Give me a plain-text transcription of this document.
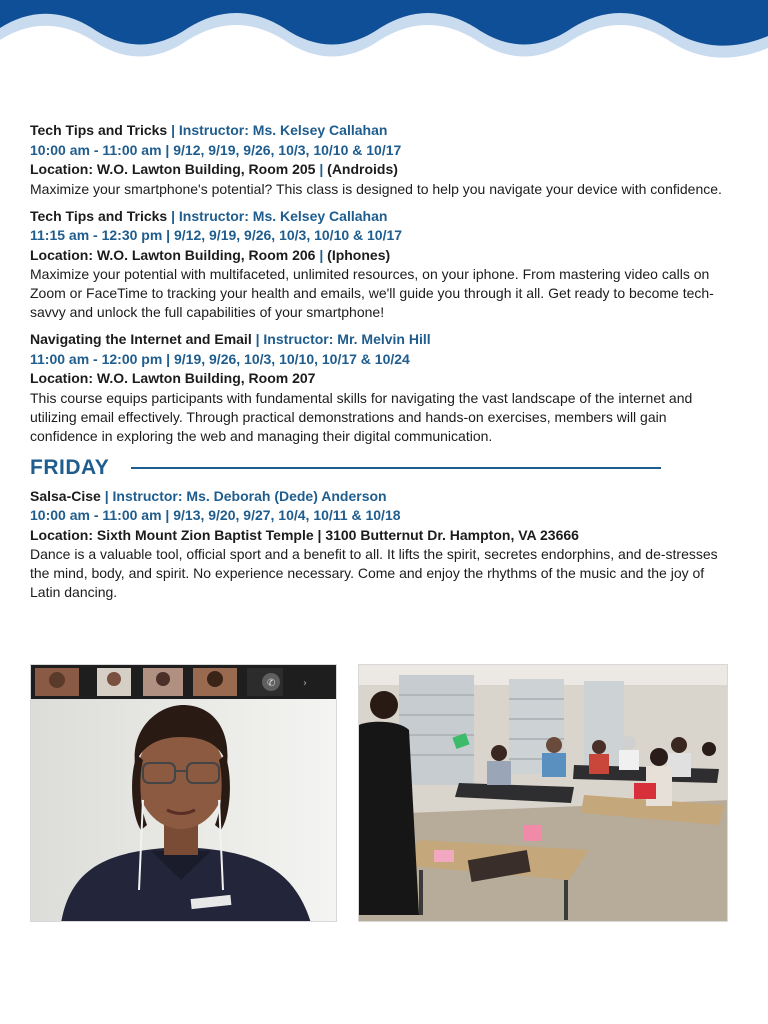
Tech Tips and Tricks | Instructor: Ms. Kelsey Callahan

10:00 am - 11:00 am | 9/12, 9/19, 9/26, 10/3, 10/10 & 10/17

Location: W.O. Lawton Building, Room 205 | (Androids)

Maximize your smartphone's potential? This class is designed to help you navigate your device with confidence.

Tech Tips and Tricks | Instructor: Ms. Kelsey Callahan

11:15 am - 12:30 pm | 9/12, 9/19, 9/26, 10/3, 10/10 & 10/17

Location: W.O. Lawton Building, Room 206 | (Iphones)

Maximize your potential with multifaceted, unlimited resources, on your iphone. From mastering video calls on Zoom or FaceTime to tracking your health and emails, we'll guide you through it all. Get ready to become tech-savvy and unlock the full capabilities of your smartphone!

Navigating the Internet and Email | Instructor: Mr. Melvin Hill

11:00 am - 12:00 pm | 9/19, 9/26, 10/3, 10/10, 10/17 & 10/24

Location: W.O. Lawton Building, Room 207

This course equips participants with fundamental skills for navigating the vast landscape of the internet and utilizing email effectively. Through practical demonstrations and hands-on exercises, members will gain confidence in exploring the web and managing their digital communication.

FRIDAY

Salsa-Cise | Instructor: Ms. Deborah (Dede) Anderson

10:00 am - 11:00 am | 9/13, 9/20, 9/27, 10/4, 10/11 & 10/18

Location: Sixth Mount Zion Baptist Temple | 3100 Butternut Dr. Hampton, VA 23666

Dance is a valuable tool, official sport and a benefit to all. It lifts the spirit, secretes endorphins, and de-stresses the mind, body, and spirit. No experience necessary. Come and enjoy the rhythms of the music and the joy of Latin dancing.

✆	›
